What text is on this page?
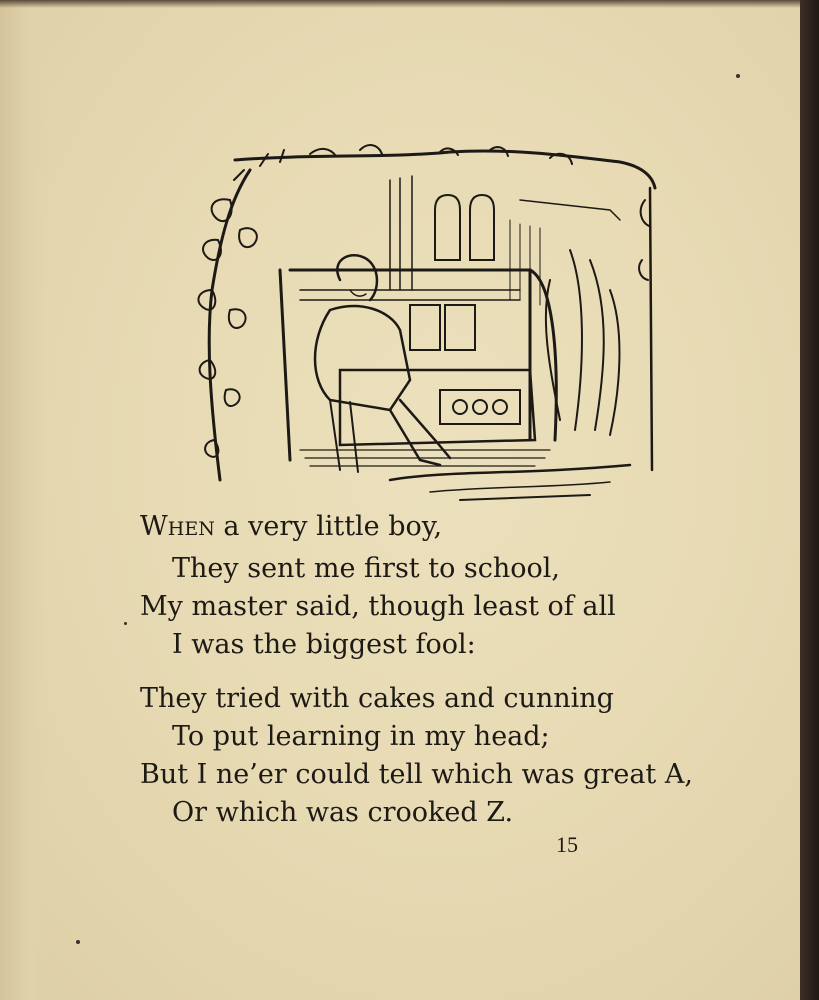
When a very little boy,
They sent me first to school,
My master said, though least of all
I was the biggest fool:
They tried with cakes and cunning
To put learning in my head;
But I ne’er could tell which was great A,
Or which was crooked Z.
15
